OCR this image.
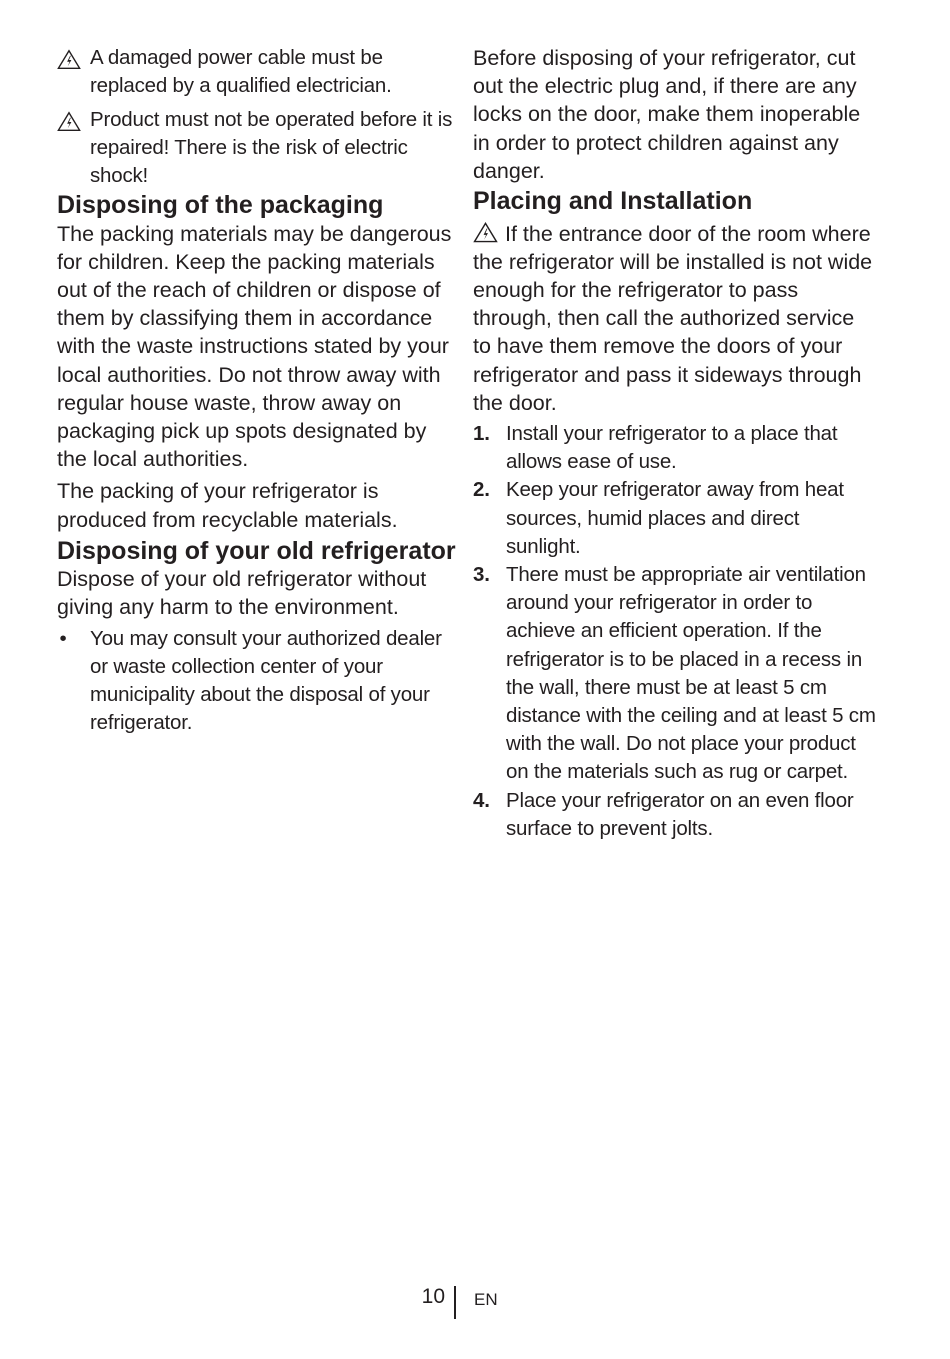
A damaged power cable must be replaced by a qualified electrician.
Product must not be operated before it is repaired! There is the risk of electric shock!
Disposing of the packaging

The packing materials may be dangerous for children. Keep the packing materials out of the reach of children or dispose of them by classifying them in accordance with the waste instructions stated by your local authorities. Do not throw away with regular house waste, throw away on packaging pick up spots designated by the local authorities.

The packing of your refrigerator is produced from recyclable materials.

Disposing of your old refrigerator

Dispose of your old refrigerator without giving any harm to the environment.

• You may consult your authorized dealer or waste collection center of your municipality about the disposal of your refrigerator.

Before disposing of your refrigerator, cut out the electric plug and, if there are any locks on the door, make them inoperable in order to protect children against any danger.

Placing and Installation

If the entrance door of the room where the refrigerator will be installed is not wide enough for the refrigerator to pass through, then call the authorized service to have them remove the doors of your refrigerator and pass it sideways through the door.

1. Install your refrigerator to a place that allows ease of use.
2. Keep your refrigerator away from heat sources, humid places and direct sunlight.
3. There must be appropriate air ventilation around your refrigerator in order to achieve an efficient operation. If the refrigerator is to be placed in a recess in the wall, there must be at least 5 cm distance with the ceiling and at least 5 cm with the wall. Do not place your product on the materials such as rug or carpet.
4. Place your refrigerator on an even floor surface to prevent jolts.
10 EN
